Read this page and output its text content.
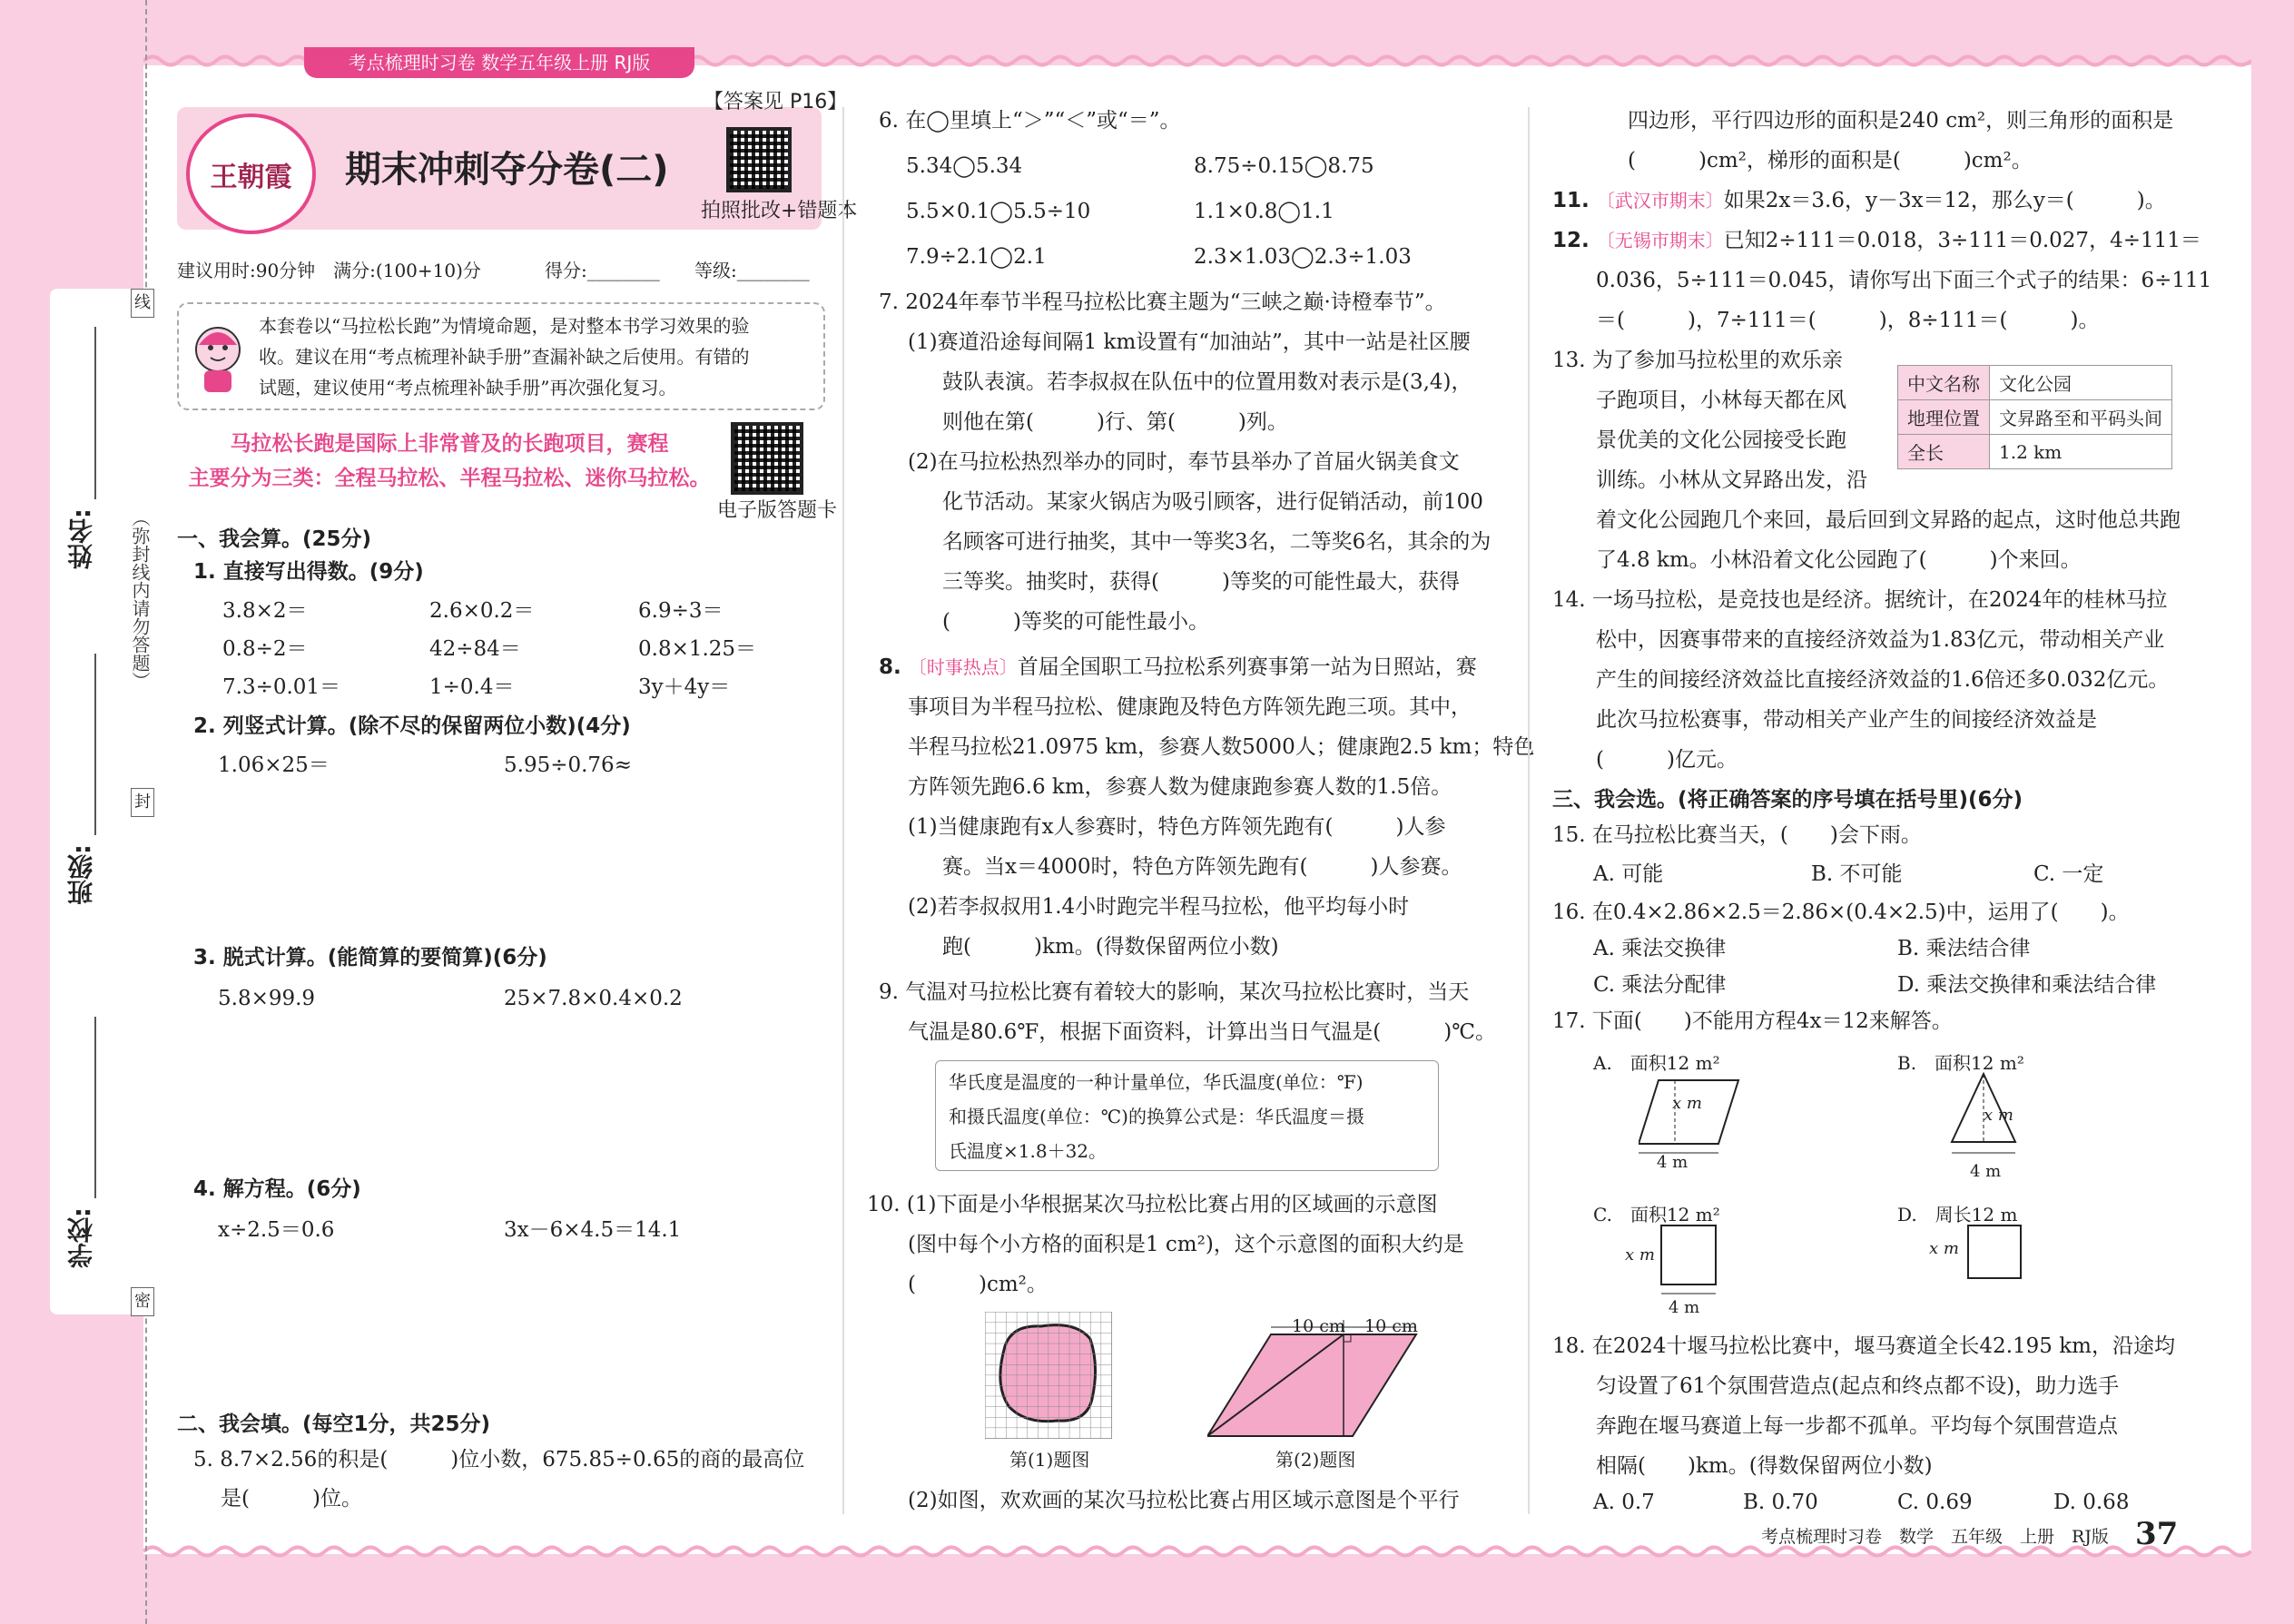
姓名:
班级:
学校:
（弥封线内请勿答题）
线
封
密
考点梳理时习卷 数学五年级上册 RJ版
王朝霞	期末冲刺夺分卷(二)
【答案见 P16】
拍照批改+错题本
建议用时:90分钟　满分:(100+10)分	得分:________ 等级:________
本套卷以“马拉松长跑”为情境命题，是对整本书学习效果的验
收。建议在用“考点梳理补缺手册”查漏补缺之后使用。有错的
试题，建议使用“考点梳理补缺手册”再次强化复习。
马拉松长跑是国际上非常普及的长跑项目，赛程
主要分为三类：全程马拉松、半程马拉松、迷你马拉松。
电子版答题卡
一、我会算。(25分)
1. 直接写出得数。(9分)
3.8×2＝	2.6×0.2＝	6.9÷3＝
0.8÷2＝	42÷84＝	0.8×1.25＝
7.3÷0.01＝	1÷0.4＝	3y＋4y＝
2. 列竖式计算。(除不尽的保留两位小数)(4分)
1.06×25＝	5.95÷0.76≈
3. 脱式计算。(能简算的要简算)(6分)
5.8×99.9	25×7.8×0.4×0.2
4. 解方程。(6分)
x÷2.5＝0.6	3x－6×4.5＝14.1
二、我会填。(每空1分，共25分)
5. 8.7×2.56的积是(　　　)位小数，675.85÷0.65的商的最高位
是(　　　)位。
6. 在◯里填上“＞”“＜”或“＝”。
5.34◯5.34	8.75÷0.15◯8.75
5.5×0.1◯5.5÷10	1.1×0.8◯1.1
7.9÷2.1◯2.1	2.3×1.03◯2.3÷1.03
7. 2024年奉节半程马拉松比赛主题为“三峡之巅·诗橙奉节”。
(1)赛道沿途每间隔1 km设置有“加油站”，其中一站是社区腰
鼓队表演。若李叔叔在队伍中的位置用数对表示是(3,4)，
则他在第(　　　)行、第(　　　)列。
(2)在马拉松热烈举办的同时，奉节县举办了首届火锅美食文
化节活动。某家火锅店为吸引顾客，进行促销活动，前100
名顾客可进行抽奖，其中一等奖3名，二等奖6名，其余的为
三等奖。抽奖时，获得(　　　)等奖的可能性最大，获得
(　　　)等奖的可能性最小。
8. 〔时事热点〕首届全国职工马拉松系列赛事第一站为日照站，赛
事项目为半程马拉松、健康跑及特色方阵领先跑三项。其中，
半程马拉松21.0975 km，参赛人数5000人；健康跑2.5 km；特色
方阵领先跑6.6 km，参赛人数为健康跑参赛人数的1.5倍。
(1)当健康跑有x人参赛时，特色方阵领先跑有(　　　)人参
赛。当x＝4000时，特色方阵领先跑有(　　　)人参赛。
(2)若李叔叔用1.4小时跑完半程马拉松，他平均每小时
跑(　　　)km。(得数保留两位小数)
9. 气温对马拉松比赛有着较大的影响，某次马拉松比赛时，当天
气温是80.6℉，根据下面资料，计算出当日气温是(　　　)℃。
华氏度是温度的一种计量单位，华氏温度(单位：℉)
和摄氏温度(单位：℃)的换算公式是：华氏温度＝摄
氏温度×1.8＋32。
10. (1)下面是小华根据某次马拉松比赛占用的区域画的示意图
(图中每个小方格的面积是1 cm²)，这个示意图的面积大约是
(　　　)cm²。
第(1)题图
10 cm 10 cm
第(2)题图
(2)如图，欢欢画的某次马拉松比赛占用区域示意图是个平行
四边形，平行四边形的面积是240 cm²，则三角形的面积是
(　　　)cm²，梯形的面积是(　　　)cm²。
11. 〔武汉市期末〕如果2x＝3.6，y－3x＝12，那么y＝(　　　)。
12. 〔无锡市期末〕已知2÷111＝0.018，3÷111＝0.027，4÷111＝
0.036，5÷111＝0.045，请你写出下面三个式子的结果：6÷111
＝(　　　)，7÷111＝(　　　)，8÷111＝(　　　)。
13. 为了参加马拉松里的欢乐亲
子跑项目，小林每天都在风
景优美的文化公园接受长跑
训练。小林从文昇路出发，沿
着文化公园跑几个来回，最后回到文昇路的起点，这时他总共跑
了4.8 km。小林沿着文化公园跑了(　　　)个来回。
中文名称	文化公园
地理位置	文昇路至和平码头间
全长	1.2 km
14. 一场马拉松，是竞技也是经济。据统计，在2024年的桂林马拉
松中，因赛事带来的直接经济效益为1.83亿元，带动相关产业
产生的间接经济效益比直接经济效益的1.6倍还多0.032亿元。
此次马拉松赛事，带动相关产业产生的间接经济效益是
(　　　)亿元。
三、我会选。(将正确答案的序号填在括号里)(6分)
15. 在马拉松比赛当天，(　　)会下雨。
A. 可能	B. 不可能	C. 一定
16. 在0.4×2.86×2.5＝2.86×(0.4×2.5)中，运用了(　　)。
A. 乘法交换律	B. 乘法结合律
C. 乘法分配律	D. 乘法交换律和乘法结合律
17. 下面(　　)不能用方程4x＝12来解答。
A.　面积12 m²	B.　面积12 m²
x m
4 m
x m
4 m
C.　面积12 m²	D.　周长12 m
x m
4 m
x m
18. 在2024十堰马拉松比赛中，堰马赛道全长42.195 km，沿途均
匀设置了61个氛围营造点(起点和终点都不设)，助力选手
奔跑在堰马赛道上每一步都不孤单。平均每个氛围营造点
相隔(　　)km。(得数保留两位小数)
A. 0.7	B. 0.70	C. 0.69	D. 0.68
考点梳理时习卷　数学　五年级　上册　RJ版 37
